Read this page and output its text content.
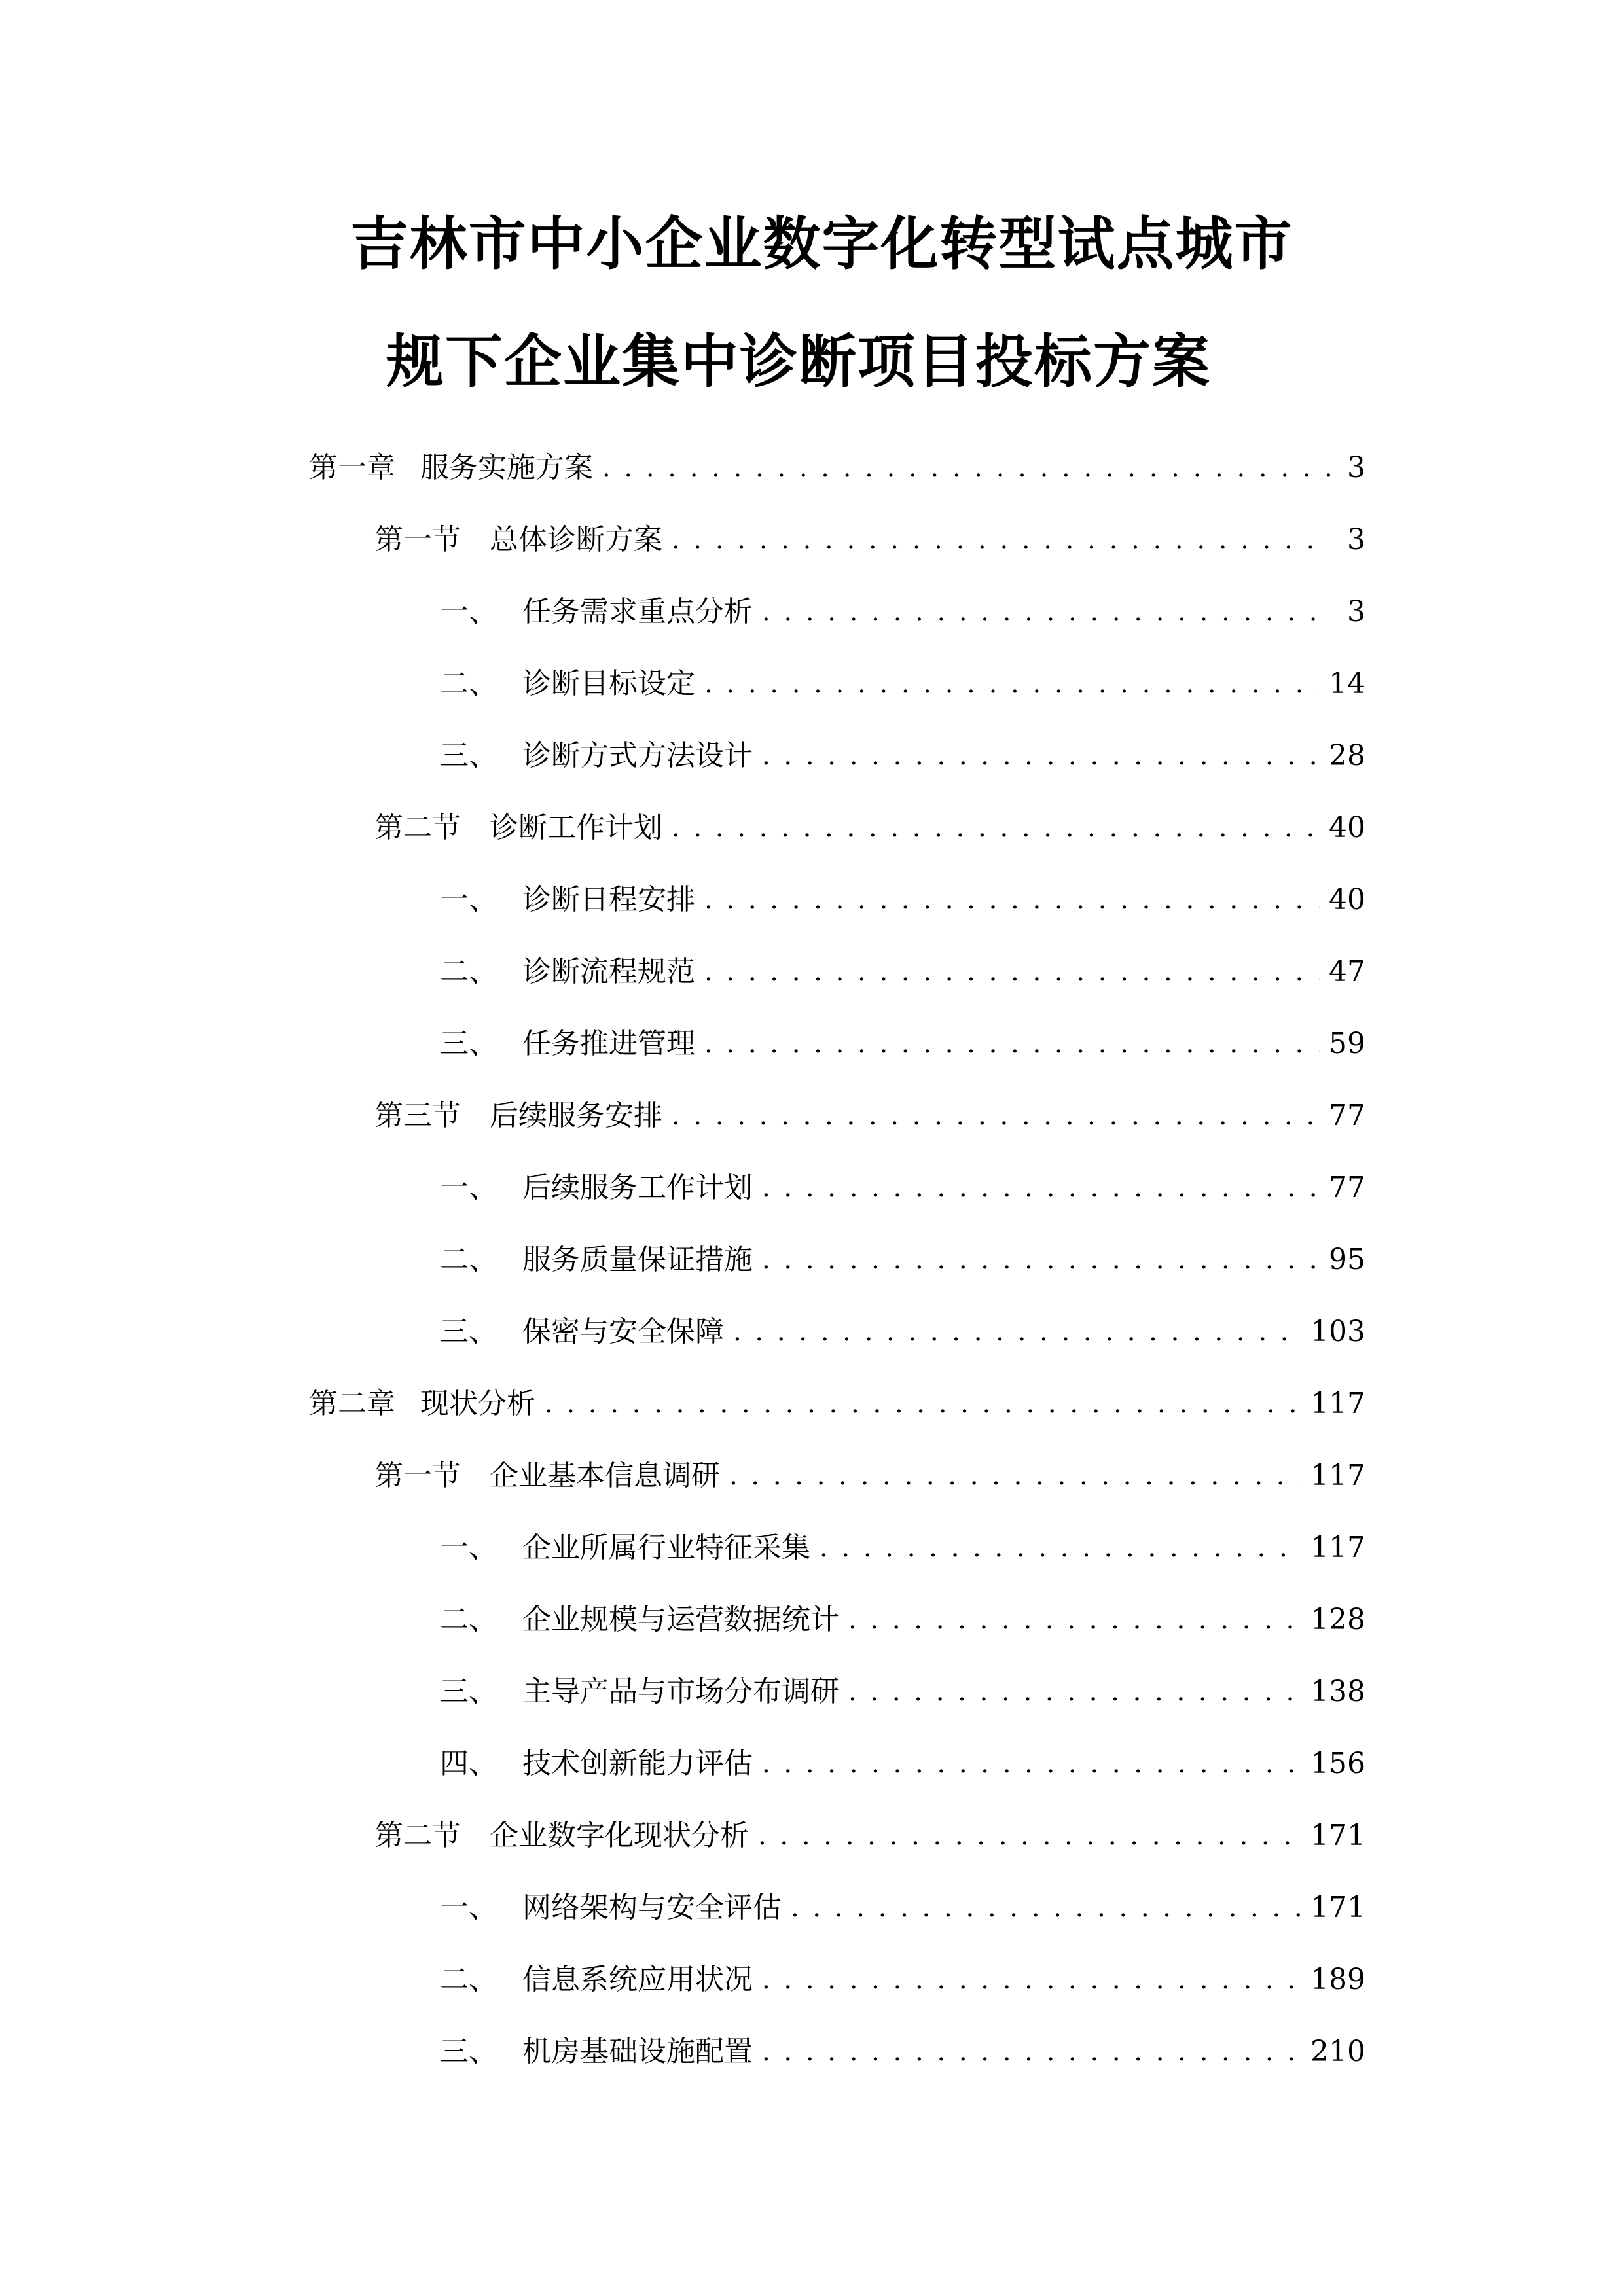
吉林市中小企业数字化转型试点城市
规下企业集中诊断项目投标方案
第一章 服务实施方案 . . .	3
第一节	总体诊断方案 . . .	3
一、 任务需求重点分析 . . .	3
二、 诊断目标设定 . . .	14
三、 诊断方式方法设计 . . .	28
第二节	诊断工作计划 . . .	40
一、 诊断日程安排 . . .	40
二、 诊断流程规范 . . .	47
三、 任务推进管理 . . .	59
第三节	后续服务安排 . . .	77
一、 后续服务工作计划 . . .	77
二、 服务质量保证措施 . . .	95
三、 保密与安全保障 . . .	103
第二章 现状分析 . . .	117
第一节	企业基本信息调研 . . .	117
一、 企业所属行业特征采集 . . .	117
二、 企业规模与运营数据统计 . . .	128
三、 主导产品与市场分布调研 . . .	138
四、 技术创新能力评估 . . .	156
第二节	企业数字化现状分析 . . .	171
一、 网络架构与安全评估 . . .	171
二、 信息系统应用状况 . . .	189
三、 机房基础设施配置 . . .	210
